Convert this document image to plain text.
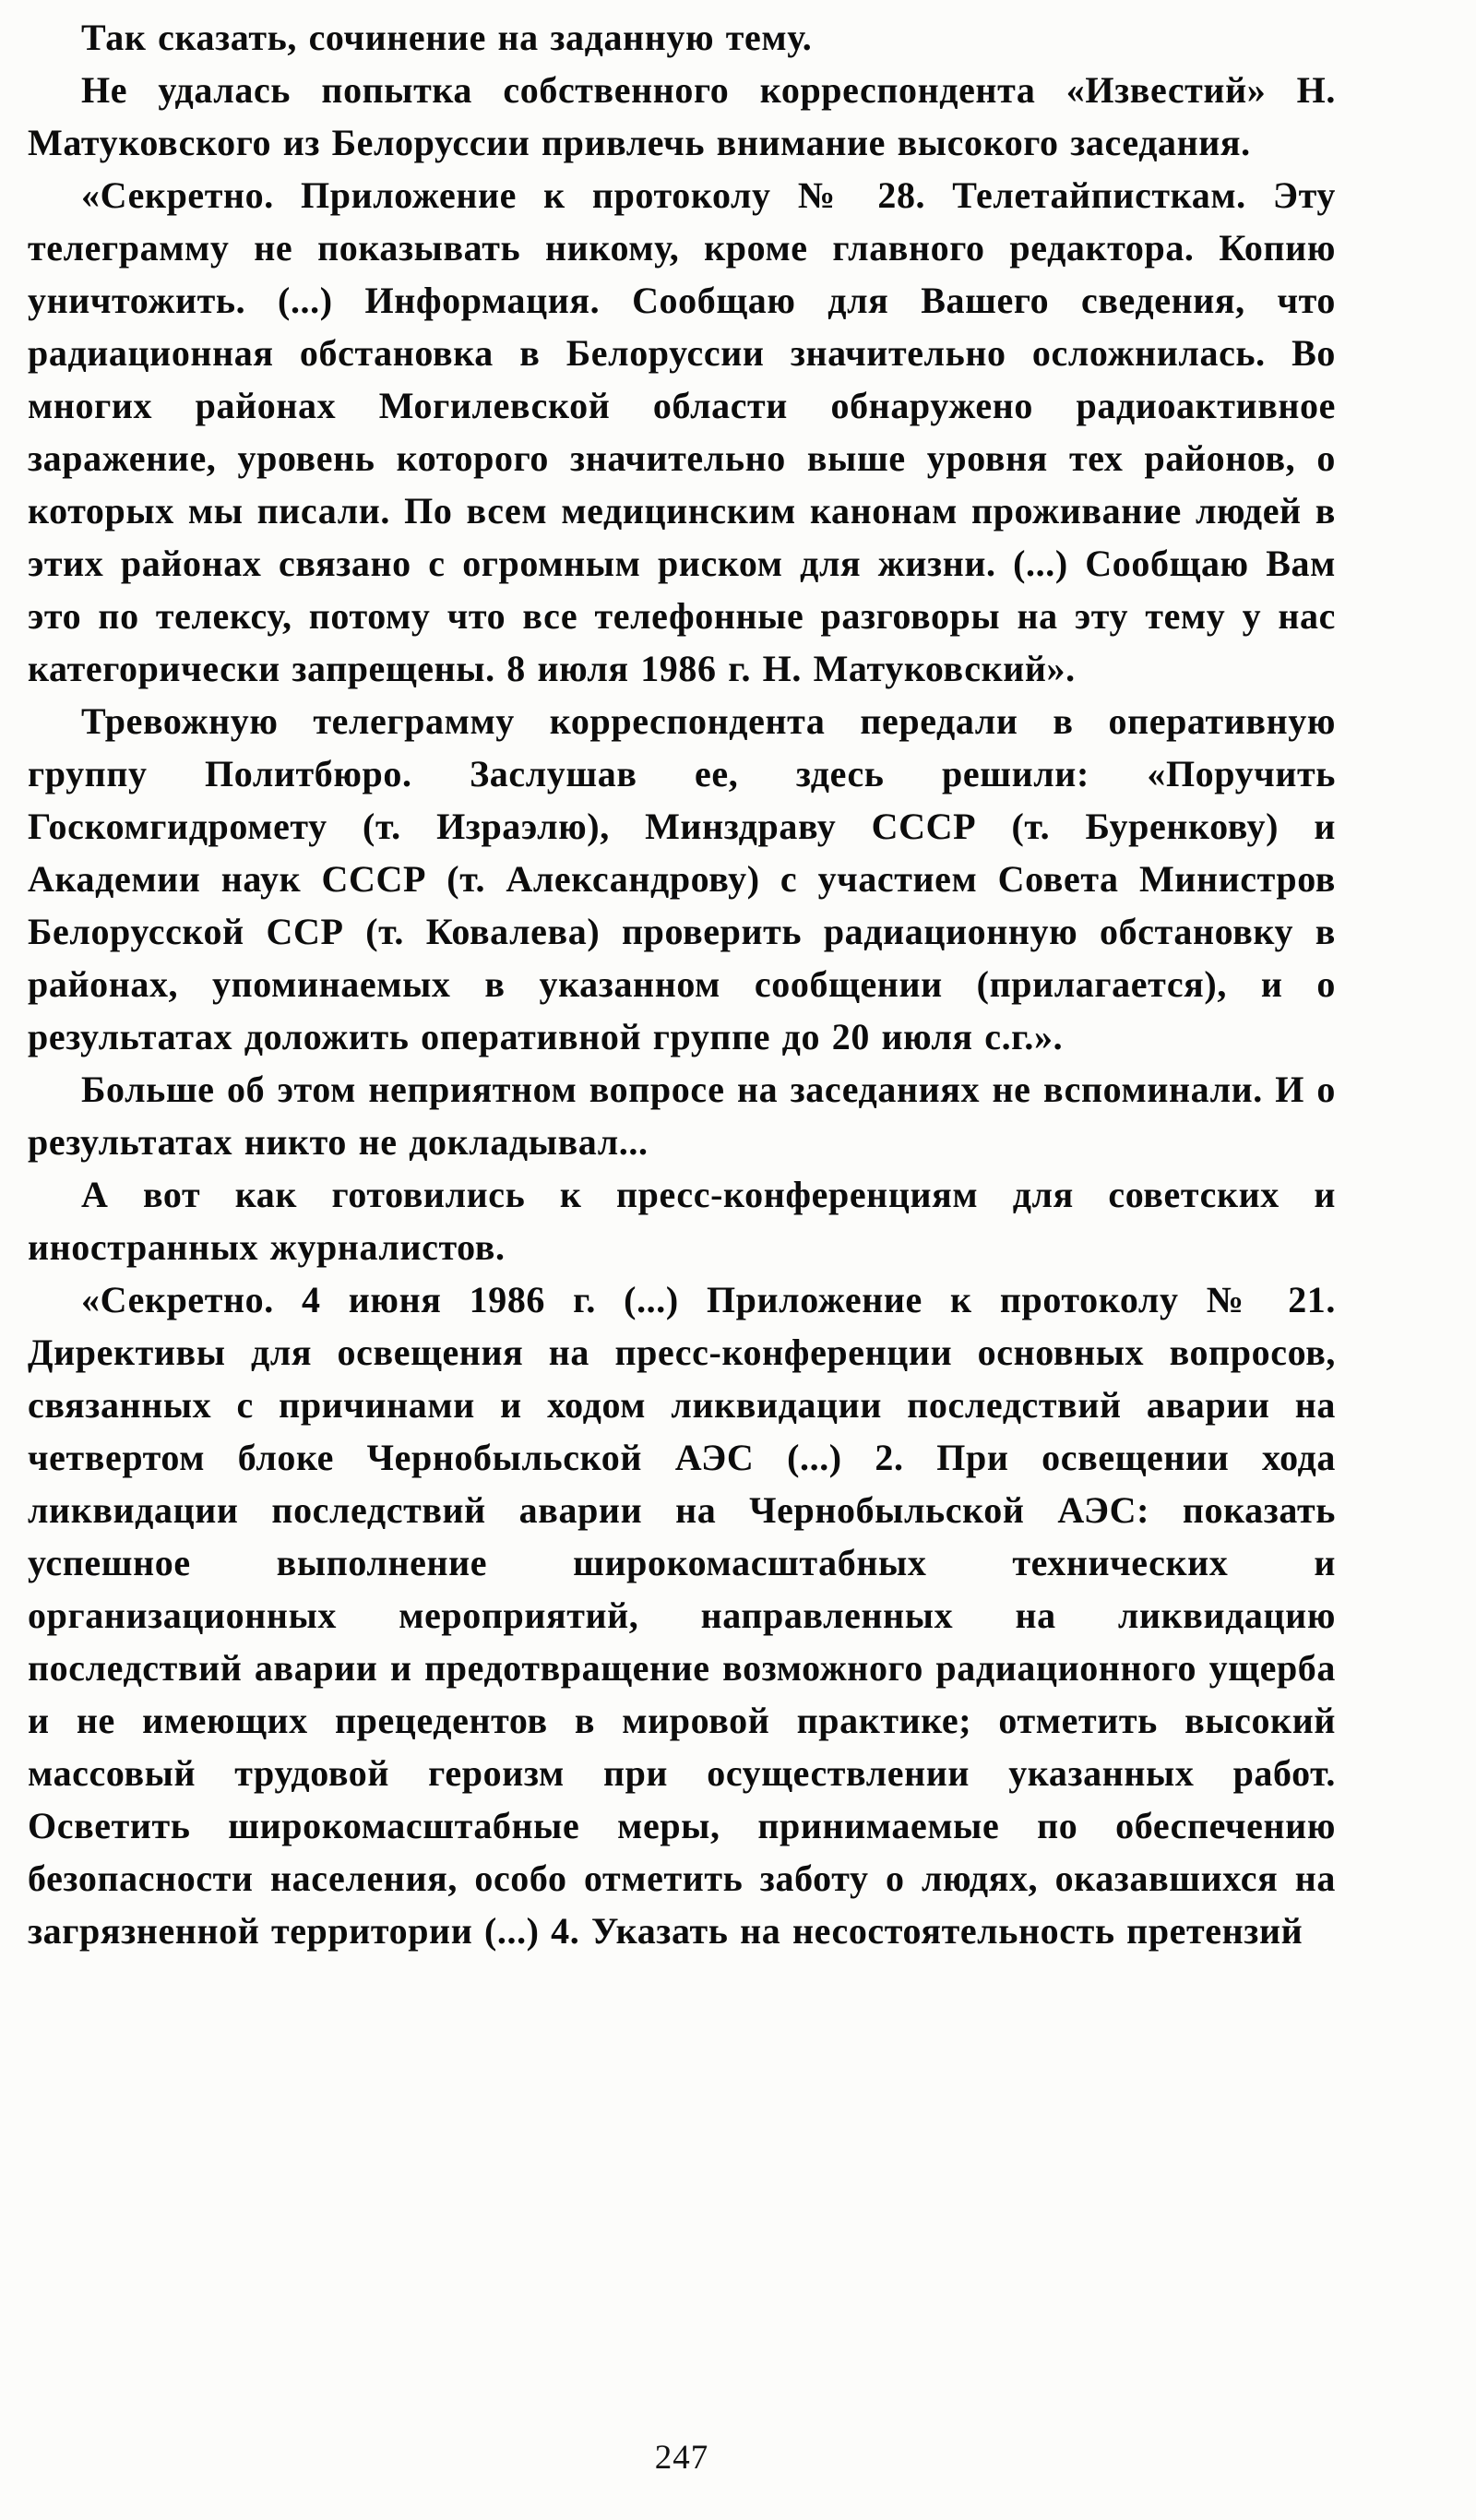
Так сказать, сочинение на заданную тему.

Не удалась попытка собственного корреспондента «Известий» Н. Матуковского из Белоруссии привлечь внимание высокого заседания.

«Секретно. Приложение к протоколу № 28. Телетайписткам. Эту телеграмму не показывать никому, кроме главного редактора. Копию уничтожить. (...) Информация. Сообщаю для Вашего сведения, что радиационная обстановка в Белоруссии значительно осложнилась. Во многих районах Могилевской области обнаружено радиоактивное заражение, уровень которого значительно выше уровня тех районов, о которых мы писали. По всем медицинским канонам проживание людей в этих районах связано с огромным риском для жизни. (...) Сообщаю Вам это по телексу, потому что все телефонные разговоры на эту тему у нас категорически запрещены. 8 июля 1986 г. Н. Матуковский».

Тревожную телеграмму корреспондента передали в оперативную группу Политбюро. Заслушав ее, здесь решили: «Поручить Госкомгидромету (т. Израэлю), Минздраву СССР (т. Буренкову) и Академии наук СССР (т. Александрову) с участием Совета Министров Белорусской ССР (т. Ковалева) проверить радиационную обстановку в районах, упоминаемых в указанном сообщении (прилагается), и о результатах доложить оперативной группе до 20 июля с.г.».

Больше об этом неприятном вопросе на заседаниях не вспоминали. И о результатах никто не докладывал...

А вот как готовились к пресс-конференциям для советских и иностранных журналистов.

«Секретно. 4 июня 1986 г. (...) Приложение к протоколу № 21. Директивы для освещения на пресс-конференции основных вопросов, связанных с причинами и ходом ликвидации последствий аварии на четвертом блоке Чернобыльской АЭС (...) 2. При освещении хода ликвидации последствий аварии на Чернобыльской АЭС: показать успешное выполнение широкомасштабных технических и организационных мероприятий, направленных на ликвидацию последствий аварии и предотвращение возможного радиационного ущерба и не имеющих прецедентов в мировой практике; отметить высокий массовый трудовой героизм при осуществлении указанных работ. Осветить широкомасштабные меры, принимаемые по обеспечению безопасности населения, особо отметить заботу о людях, оказавшихся на загрязненной территории (...) 4. Указать на несостоятельность претензий

247
